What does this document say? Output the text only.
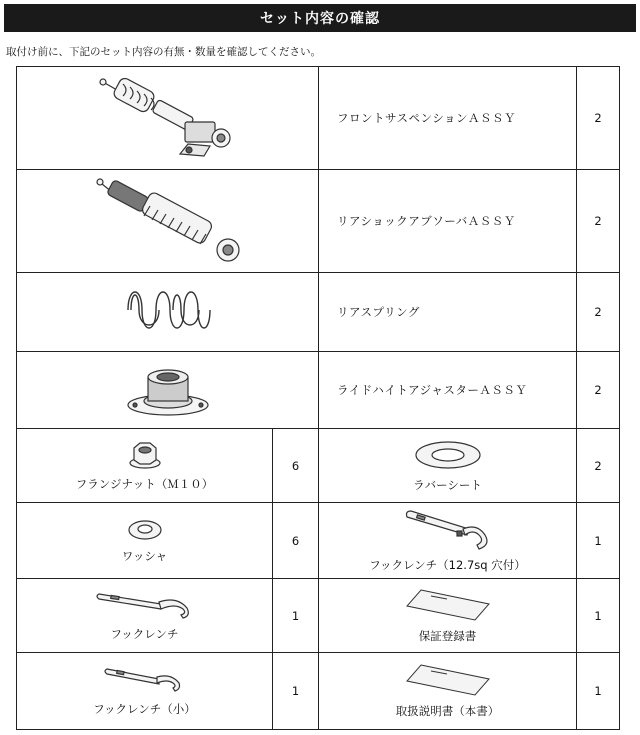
セット内容の確認
取付け前に、下記のセット内容の有無・数量を確認してください。
	フロントサスペンションＡＳＳＹ	2
	リアショックアブソーバＡＳＳＹ	2
	リアスプリング	2
	ライドハイトアジャスターＡＳＳＹ	2

フランジナット（Ｍ１０）	6	ラバーシート	2

ワッシャ	6	フックレンチ（12.7sq 穴付）	1

フックレンチ	1	保証登録書	1

フックレンチ（小）	1	取扱説明書（本書）	1
